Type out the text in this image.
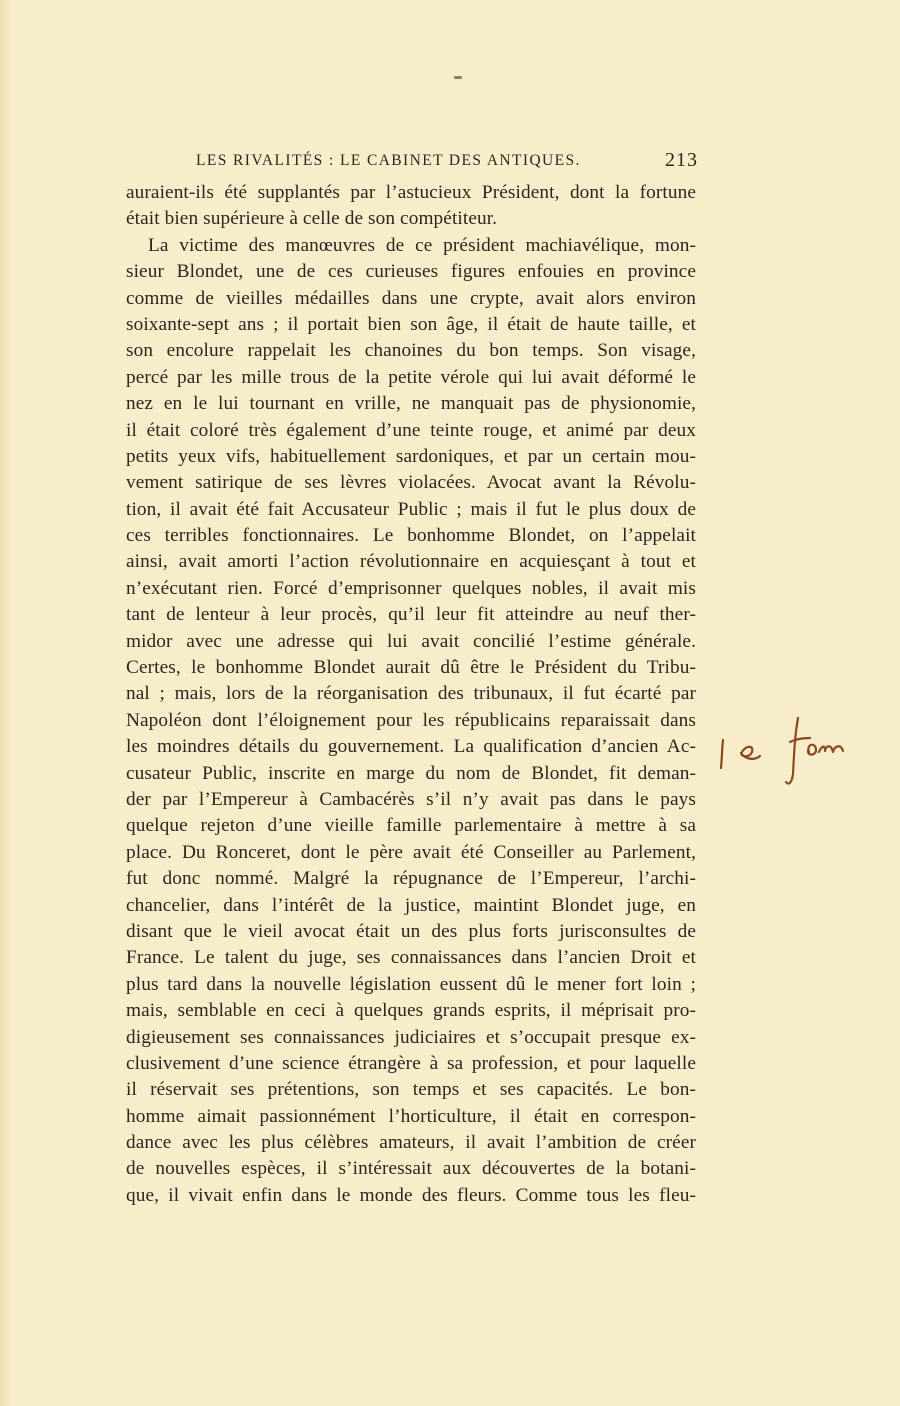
LES RIVALITÉS : LE CABINET DES ANTIQUES.	213
auraient-ils été supplantés par l’astucieux Président, dont la fortune
était bien supérieure à celle de son compétiteur.
La victime des manœuvres de ce président machiavélique, mon-
sieur Blondet, une de ces curieuses figures enfouies en province
comme de vieilles médailles dans une crypte, avait alors environ
soixante-sept ans ; il portait bien son âge, il était de haute taille, et
son encolure rappelait les chanoines du bon temps. Son visage,
percé par les mille trous de la petite vérole qui lui avait déformé le
nez en le lui tournant en vrille, ne manquait pas de physionomie,
il était coloré très également d’une teinte rouge, et animé par deux
petits yeux vifs, habituellement sardoniques, et par un certain mou-
vement satirique de ses lèvres violacées. Avocat avant la Révolu-
tion, il avait été fait Accusateur Public ; mais il fut le plus doux de
ces terribles fonctionnaires. Le bonhomme Blondet, on l’appelait
ainsi, avait amorti l’action révolutionnaire en acquiesçant à tout et
n’exécutant rien. Forcé d’emprisonner quelques nobles, il avait mis
tant de lenteur à leur procès, qu’il leur fit atteindre au neuf ther-
midor avec une adresse qui lui avait concilié l’estime générale.
Certes, le bonhomme Blondet aurait dû être le Président du Tribu-
nal ; mais, lors de la réorganisation des tribunaux, il fut écarté par
Napoléon dont l’éloignement pour les républicains reparaissait dans
les moindres détails du gouvernement. La qualification d’ancien Ac-
cusateur Public, inscrite en marge du nom de Blondet, fit deman-
der par l’Empereur à Cambacérès s’il n’y avait pas dans le pays
quelque rejeton d’une vieille famille parlementaire à mettre à sa
place. Du Ronceret, dont le père avait été Conseiller au Parlement,
fut donc nommé. Malgré la répugnance de l’Empereur, l’archi-
chancelier, dans l’intérêt de la justice, maintint Blondet juge, en
disant que le vieil avocat était un des plus forts jurisconsultes de
France. Le talent du juge, ses connaissances dans l’ancien Droit et
plus tard dans la nouvelle législation eussent dû le mener fort loin ;
mais, semblable en ceci à quelques grands esprits, il méprisait pro-
digieusement ses connaissances judiciaires et s’occupait presque ex-
clusivement d’une science étrangère à sa profession, et pour laquelle
il réservait ses prétentions, son temps et ses capacités. Le bon-
homme aimait passionnément l’horticulture, il était en correspon-
dance avec les plus célèbres amateurs, il avait l’ambition de créer
de nouvelles espèces, il s’intéressait aux découvertes de la botani-
que, il vivait enfin dans le monde des fleurs. Comme tous les fleu-
